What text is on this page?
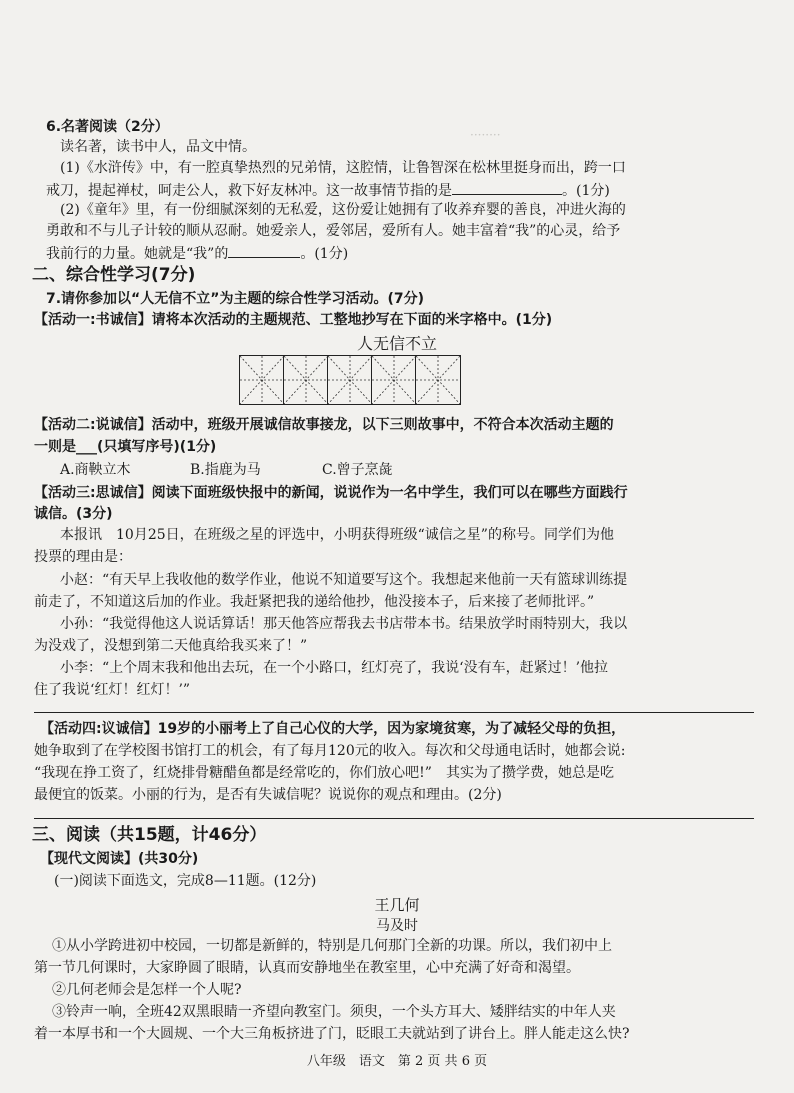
········
6.名著阅读（2分）
读名著，读书中人，品文中情。
(1)《水浒传》中，有一腔真挚热烈的兄弟情，这腔情，让鲁智深在松林里挺身而出，跨一口
戒刀，提起禅杖，呵走公人，救下好友林冲。这一故事情节指的是	。(1分)
(2)《童年》里，有一份细腻深刻的无私爱，这份爱让她拥有了收养弃婴的善良，冲进火海的
勇敢和不与儿子计较的顺从忍耐。她爱亲人，爱邻居，爱所有人。她丰富着“我”的心灵，给予
我前行的力量。她就是“我”的	。(1分)
二、综合性学习(7分)
7.请你参加以“人无信不立”为主题的综合性学习活动。(7分)
【活动一:书诚信】请将本次活动的主题规范、工整地抄写在下面的米字格中。(1分)
人无信不立
【活动二:说诚信】活动中，班级开展诚信故事接龙，以下三则故事中，不符合本次活动主题的
一则是___(只填写序号)(1分)
A.商鞅立木	B.指鹿为马	C.曾子烹彘
【活动三:思诚信】阅读下面班级快报中的新闻，说说作为一名中学生，我们可以在哪些方面践行
诚信。(3分)
本报讯　10月25日，在班级之星的评选中，小明获得班级“诚信之星”的称号。同学们为他
投票的理由是：
小赵：“有天早上我收他的数学作业，他说不知道要写这个。我想起来他前一天有篮球训练提
前走了，不知道这后加的作业。我赶紧把我的递给他抄，他没接本子，后来接了老师批评。”
小孙：“我觉得他这人说话算话！那天他答应帮我去书店带本书。结果放学时雨特别大，我以
为没戏了，没想到第二天他真给我买来了！”
小李：“上个周末我和他出去玩，在一个小路口，红灯亮了，我说‘没有车，赶紧过！’他拉
住了我说‘红灯！红灯！’”
【活动四:议诚信】19岁的小丽考上了自己心仪的大学，因为家境贫寒，为了减轻父母的负担，
她争取到了在学校图书馆打工的机会，有了每月120元的收入。每次和父母通电话时，她都会说:
“我现在挣工资了，红烧排骨糖醋鱼都是经常吃的，你们放心吧!”　其实为了攒学费，她总是吃
最便宜的饭菜。小丽的行为，是否有失诚信呢？说说你的观点和理由。(2分)
三、阅读（共15题，计46分）
【现代文阅读】(共30分)
(一)阅读下面选文，完成8—11题。(12分)
王几何
马及时
①从小学跨进初中校园，一切都是新鲜的，特别是几何那门全新的功课。所以，我们初中上
第一节几何课时，大家睁圆了眼睛，认真而安静地坐在教室里，心中充满了好奇和渴望。
②几何老师会是怎样一个人呢?
③铃声一响，全班42双黑眼睛一齐望向教室门。须臾，一个头方耳大、矮胖结实的中年人夹
着一本厚书和一个大圆规、一个大三角板挤进了门，眨眼工夫就站到了讲台上。胖人能走这么快?
八年级　语文　第 2 页 共 6 页
